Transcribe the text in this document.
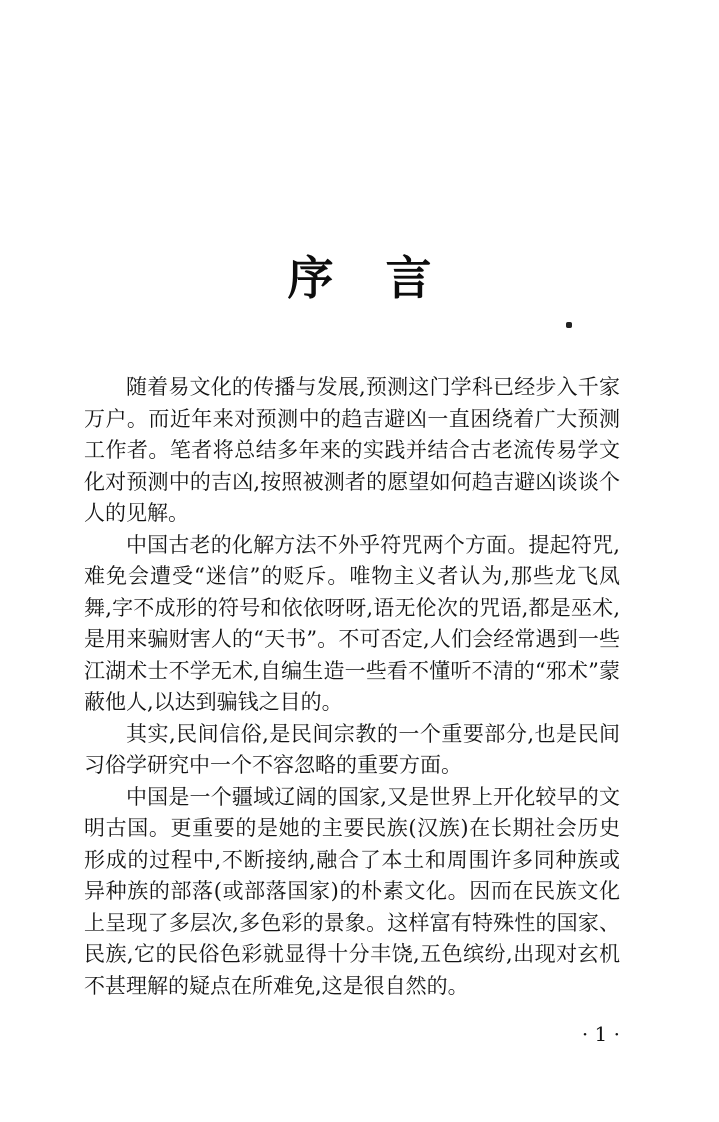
序言

随着易文化的传播与发展,预测这门学科已经步入千家万户。而近年来对预测中的趋吉避凶一直困绕着广大预测工作者。笔者将总结多年来的实践并结合古老流传易学文化对预测中的吉凶,按照被测者的愿望如何趋吉避凶谈谈个人的见解。

中国古老的化解方法不外乎符咒两个方面。提起符咒,难免会遭受“迷信”的贬斥。唯物主义者认为,那些龙飞凤舞,字不成形的符号和依依呀呀,语无伦次的咒语,都是巫术,是用来骗财害人的“天书”。不可否定,人们会经常遇到一些江湖术士不学无术,自编生造一些看不懂听不清的“邪术”蒙蔽他人,以达到骗钱之目的。

其实,民间信俗,是民间宗教的一个重要部分,也是民间习俗学研究中一个不容忽略的重要方面。

中国是一个疆域辽阔的国家,又是世界上开化较早的文明古国。更重要的是她的主要民族(汉族)在长期社会历史形成的过程中,不断接纳,融合了本土和周围许多同种族或异种族的部落(或部落国家)的朴素文化。因而在民族文化上呈现了多层次,多色彩的景象。这样富有特殊性的国家、民族,它的民俗色彩就显得十分丰饶,五色缤纷,出现对玄机不甚理解的疑点在所难免,这是很自然的。

· 1 ·
